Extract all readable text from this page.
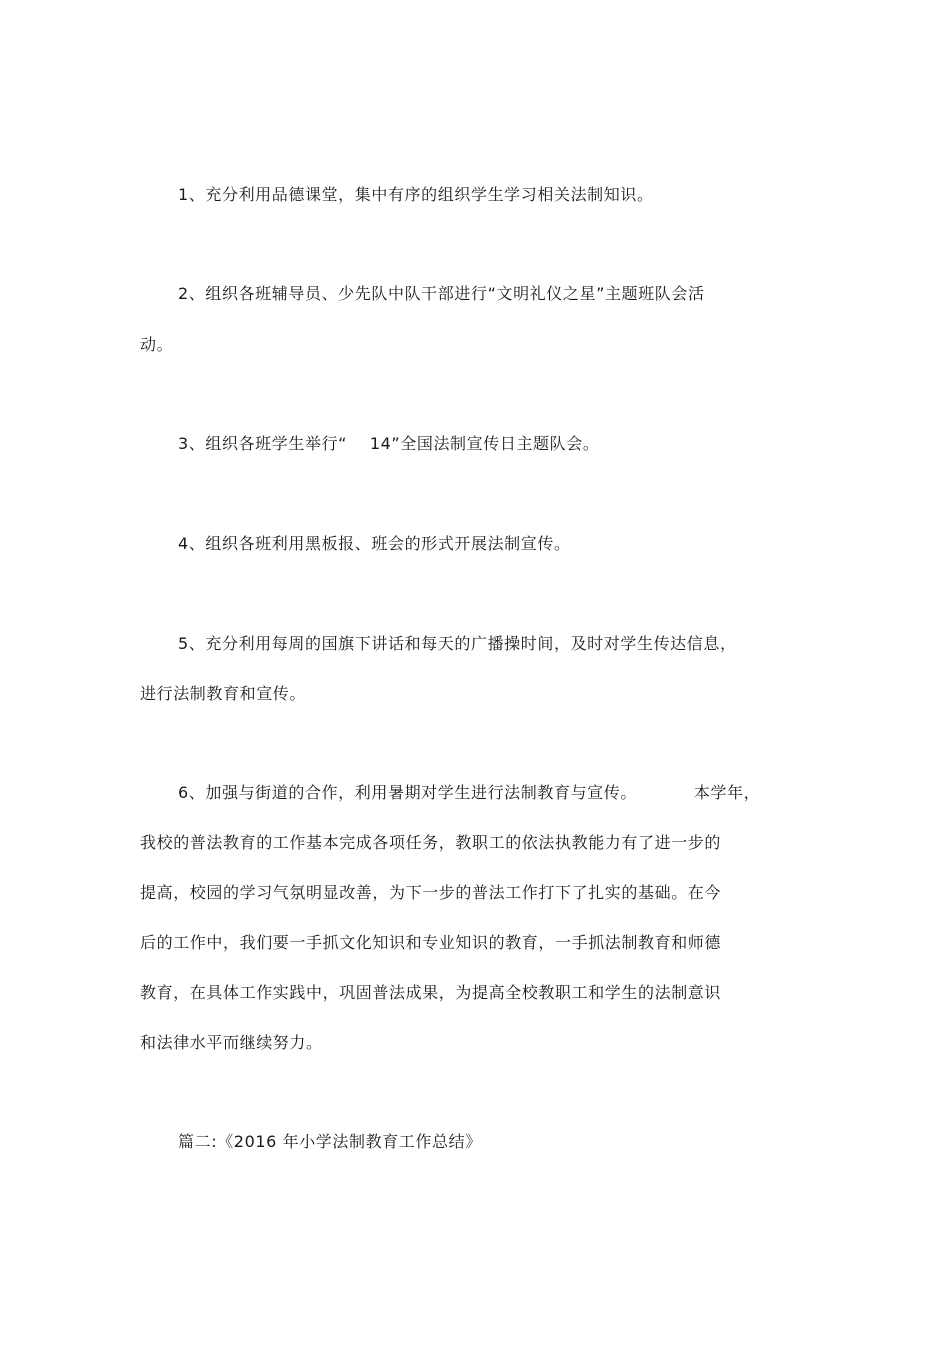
1、充分利用品德课堂，集中有序的组织学生学习相关法制知识。
2、组织各班辅导员、少先队中队干部进行“文明礼仪之星”主题班队会活
动。
3、组织各班学生举行“    14”全国法制宣传日主题队会。
4、组织各班利用黑板报、班会的形式开展法制宣传。
5、充分利用每周的国旗下讲话和每天的广播操时间，及时对学生传达信息，
进行法制教育和宣传。
6、加强与街道的合作，利用暑期对学生进行法制教育与宣传。          本学年，
我校的普法教育的工作基本完成各项任务，教职工的依法执教能力有了进一步的
提高，校园的学习气氛明显改善，为下一步的普法工作打下了扎实的基础。在今
后的工作中，我们要一手抓文化知识和专业知识的教育，一手抓法制教育和师德
教育，在具体工作实践中，巩固普法成果，为提高全校教职工和学生的法制意识
和法律水平而继续努力。
篇二:《2016 年小学法制教育工作总结》
